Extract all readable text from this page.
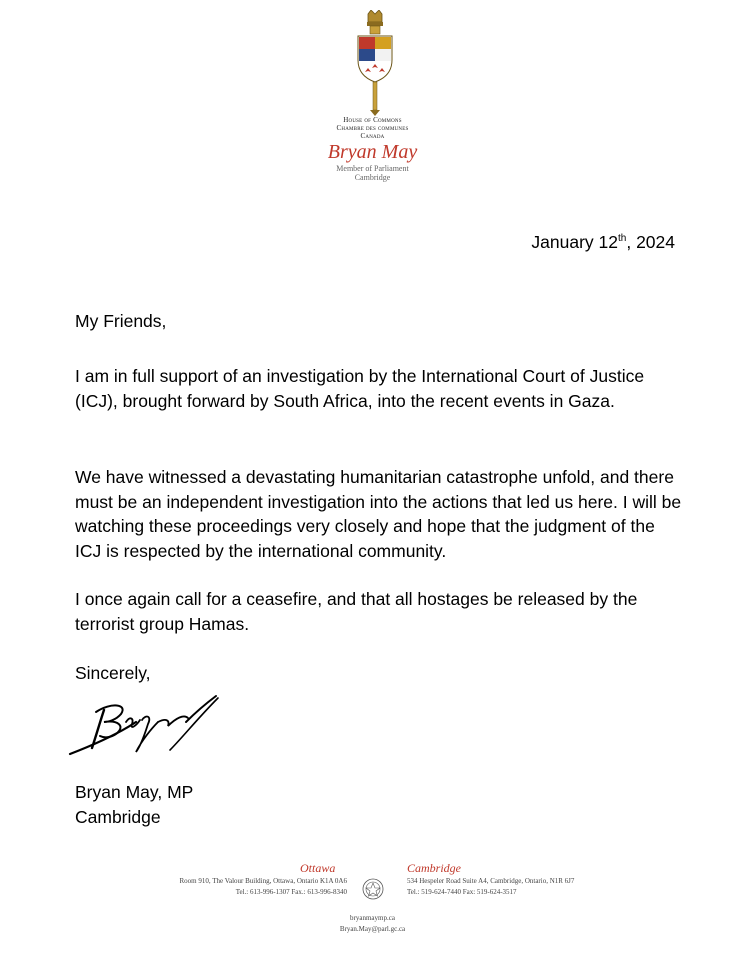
House of Commons
Chambre des communes
Canada
Bryan May
Member of Parliament
Cambridge
January 12th, 2024
My Friends,
I am in full support of an investigation by the International Court of Justice (ICJ), brought forward by South Africa, into the recent events in Gaza.
We have witnessed a devastating humanitarian catastrophe unfold, and there must be an independent investigation into the actions that led us here. I will be watching these proceedings very closely and hope that the judgment of the ICJ is respected by the international community.
I once again call for a ceasefire, and that all hostages be released by the terrorist group Hamas.
Sincerely,
Bryan May, MP
Cambridge
Ottawa	Cambridge
Room 910, The Valour Building, Ottawa, Ontario K1A 0A6
Tel.: 613-996-1307 Fax.: 613-996-8340
534 Hespeler Road Suite A4, Cambridge, Ontario, N1R 6J7
Tel.: 519-624-7440 Fax: 519-624-3517
bryanmaymp.ca
Bryan.May@parl.gc.ca
